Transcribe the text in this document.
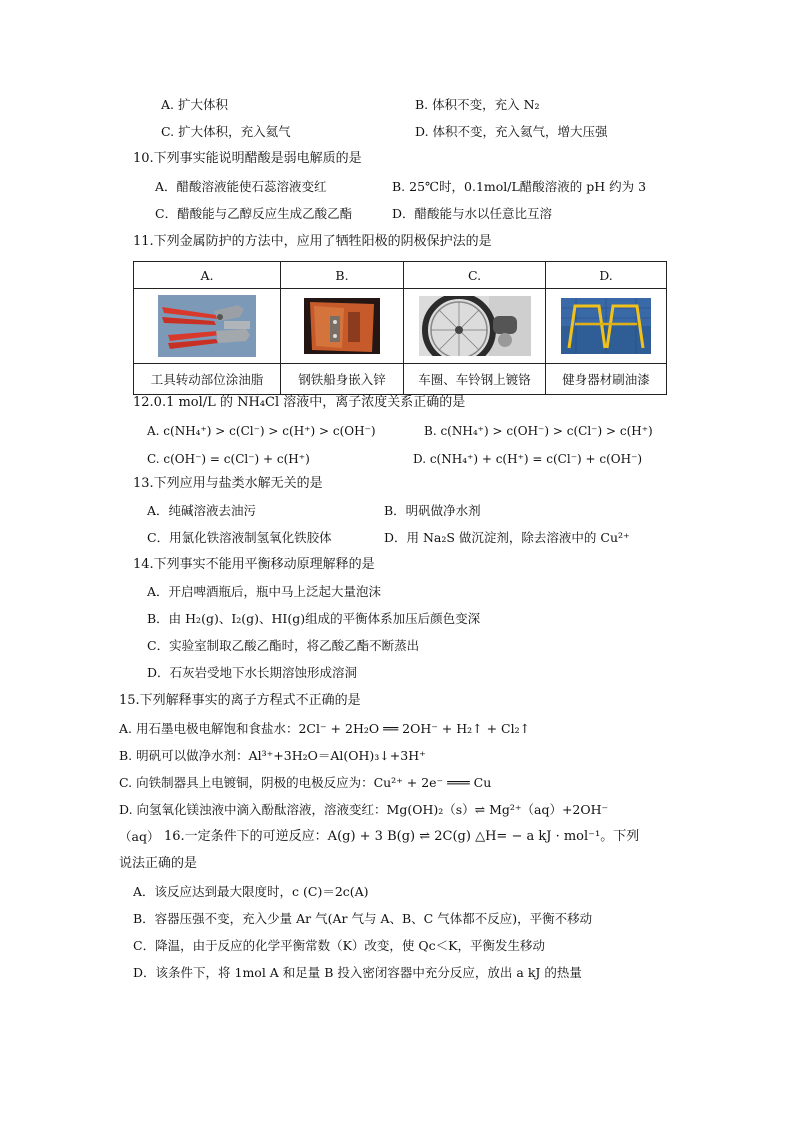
A. 扩大体积	B. 体积不变，充入 N₂
C. 扩大体积，充入氦气	D. 体积不变，充入氦气，增大压强
10.下列事实能说明醋酸是弱电解质的是
A．醋酸溶液能使石蕊溶液变红	B. 25℃时，0.1mol/L醋酸溶液的 pH 约为 3
C．醋酸能与乙醇反应生成乙酸乙酯	D．醋酸能与水以任意比互溶
11.下列金属防护的方法中，应用了牺牲阳极的阴极保护法的是
A.	B.	C.	D.

工具转动部位涂油脂	钢铁船身嵌入锌	车圈、车铃钢上镀铬	健身器材刷油漆
12.0.1 mol/L 的 NH₄Cl 溶液中，离子浓度关系正确的是
A. c(NH₄⁺) > c(Cl⁻) > c(H⁺) > c(OH⁻)	B. c(NH₄⁺) > c(OH⁻) > c(Cl⁻) > c(H⁺)
C. c(OH⁻) = c(Cl⁻) + c(H⁺)	D. c(NH₄⁺) + c(H⁺) = c(Cl⁻) + c(OH⁻)
13.下列应用与盐类水解无关的是
A．纯碱溶液去油污	B．明矾做净水剂
C．用氯化铁溶液制氢氧化铁胶体	D．用 Na₂S 做沉淀剂，除去溶液中的 Cu²⁺
14.下列事实不能用平衡移动原理解释的是
A．开启啤酒瓶后，瓶中马上泛起大量泡沫
B．由 H₂(g)、I₂(g)、HI(g)组成的平衡体系加压后颜色变深
C．实验室制取乙酸乙酯时，将乙酸乙酯不断蒸出
D．石灰岩受地下水长期溶蚀形成溶洞
15.下列解释事实的离子方程式不正确的是
A. 用石墨电极电解饱和食盐水：2Cl⁻ + 2H₂O ══ 2OH⁻ + H₂↑ + Cl₂↑
B. 明矾可以做净水剂：Al³⁺+3H₂O＝Al(OH)₃↓+3H⁺
C. 向铁制器具上电镀铜，阴极的电极反应为：Cu²⁺ + 2e⁻ ═══ Cu
D. 向氢氧化镁浊液中滴入酚酞溶液，溶液变红：Mg(OH)₂（s）⇌ Mg²⁺（aq）+2OH⁻
（aq） 16.一定条件下的可逆反应：A(g) + 3 B(g) ⇌ 2C(g) △H= − a kJ · mol⁻¹。下列
说法正确的是
A．该反应达到最大限度时，c (C)＝2c(A)
B．容器压强不变，充入少量 Ar 气(Ar 气与 A、B、C 气体都不反应)，平衡不移动
C．降温，由于反应的化学平衡常数（K）改变，使 Qc＜K，平衡发生移动
D．该条件下，将 1mol A 和足量 B 投入密闭容器中充分反应，放出 a kJ 的热量
